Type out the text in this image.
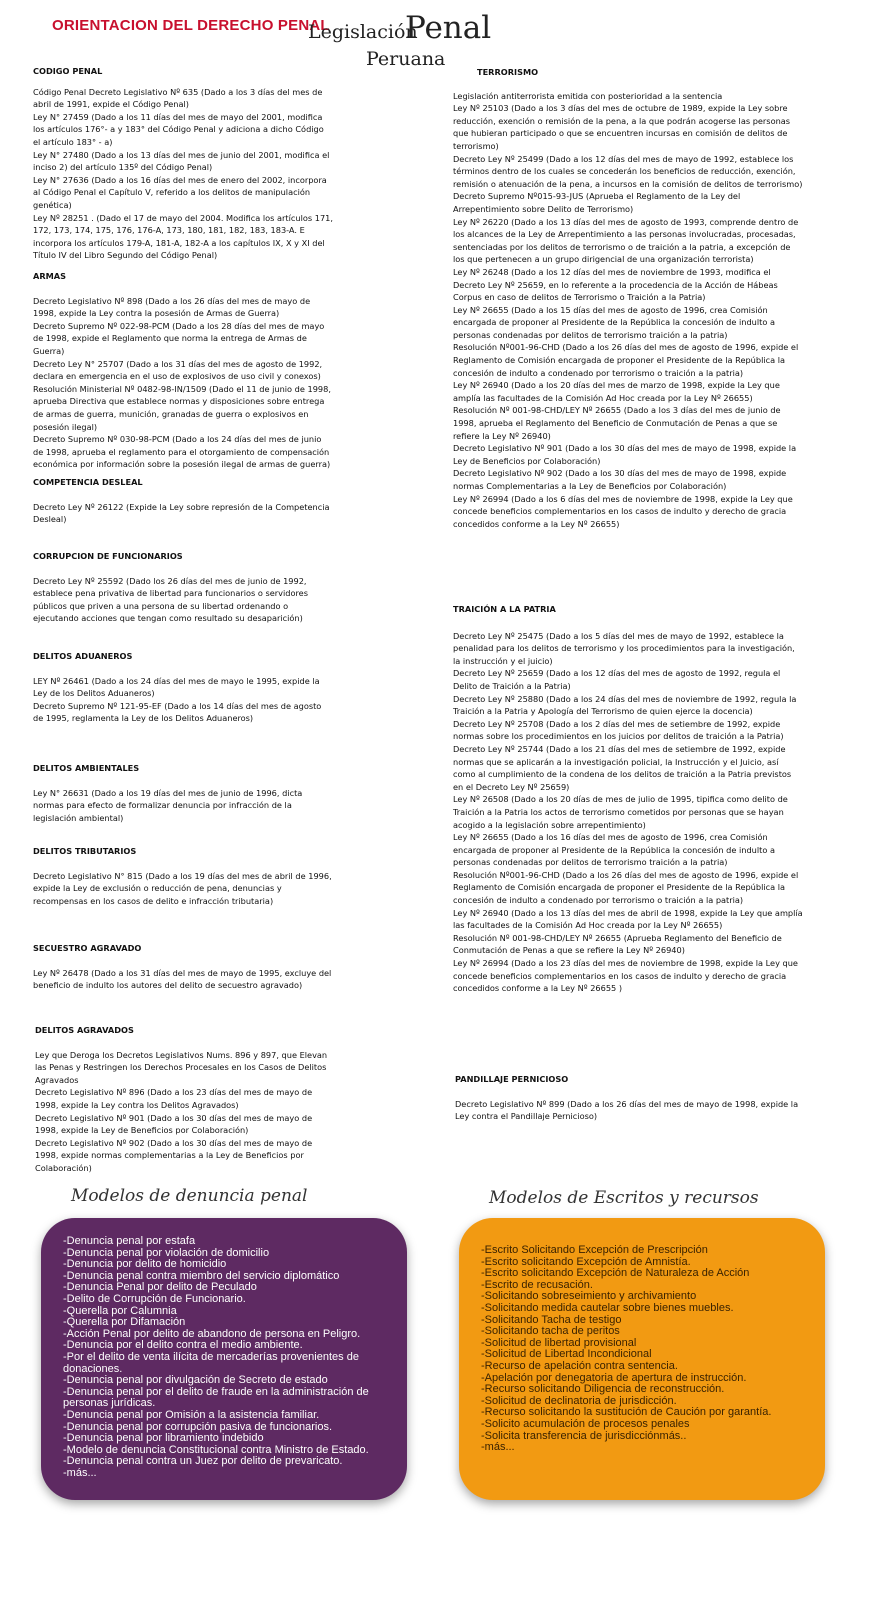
ORIENTACION DEL DERECHO PENAL
Legislación
Penal
Peruana

CODIGO PENAL

Código Penal Decreto Legislativo Nº 635 (Dado a los 3 días del mes de abril de 1991, expide el Código Penal)

Ley N° 27459 (Dado a los 11 días del mes de mayo del 2001, modifica los artículos 176°- a y 183° del Código Penal y adiciona a dicho Código el artículo 183° - a)

Ley N° 27480 (Dado a los 13 días del mes de junio del 2001, modifica el inciso 2) del artículo 135º del Código Penal)

Ley N° 27636 (Dado a los 16 días del mes de enero del 2002, incorpora al Código Penal el Capítulo V, referido a los delitos de manipulación genética)

Ley Nº 28251 . (Dado el 17 de mayo del 2004. Modifica los artículos 171, 172, 173, 174, 175, 176, 176-A, 173, 180, 181, 182, 183, 183-A. E incorpora los artículos 179-A, 181-A, 182-A a los capítulos IX, X y XI del Título IV del Libro Segundo del Código Penal)

ARMAS

Decreto Legislativo Nº 898 (Dado a los 26 días del mes de mayo de 1998, expide la Ley contra la posesión de Armas de Guerra)

Decreto Supremo Nº 022-98-PCM (Dado a los 28 días del mes de mayo de 1998, expide el Reglamento que norma la entrega de Armas de Guerra)

Decreto Ley N° 25707 (Dado a los 31 días del mes de agosto de 1992, declara en emergencia en el uso de explosivos de uso civil y conexos)

Resolución Ministerial Nº 0482-98-IN/1509 (Dado el 11 de junio de 1998, aprueba Directiva que establece normas y disposiciones sobre entrega de armas de guerra, munición, granadas de guerra o explosivos en posesión ilegal)

Decreto Supremo Nº 030-98-PCM (Dado a los 24 días del mes de junio de 1998, aprueba el reglamento para el otorgamiento de compensación económica por información sobre la posesión ilegal de armas de guerra)

COMPETENCIA DESLEAL

Decreto Ley Nº 26122 (Expide la Ley sobre represión de la Competencia Desleal)

CORRUPCION DE FUNCIONARIOS

Decreto Ley Nº 25592 (Dado los 26 días del mes de junio de 1992, establece pena privativa de libertad para funcionarios o servidores públicos que priven a una persona de su libertad ordenando o ejecutando acciones que tengan como resultado su desaparición)

DELITOS ADUANEROS

LEY Nº 26461 (Dado a los 24 días del mes de mayo le 1995, expide la Ley de los Delitos Aduaneros)

Decreto Supremo Nº 121-95-EF (Dado a los 14 días del mes de agosto de 1995, reglamenta la Ley de los Delitos Aduaneros)

DELITOS AMBIENTALES

Ley N° 26631 (Dado a los 19 días del mes de junio de 1996, dicta normas para efecto de formalizar denuncia por infracción de la legislación ambiental)

DELITOS TRIBUTARIOS

Decreto Legislativo N° 815 (Dado a los 19 días del mes de abril de 1996, expide la Ley de exclusión o reducción de pena, denuncias y recompensas en los casos de delito e infracción tributaria)

SECUESTRO AGRAVADO

Ley Nº 26478 (Dado a los 31 días del mes de mayo de 1995, excluye del beneficio de indulto los autores del delito de secuestro agravado)

DELITOS AGRAVADOS

Ley que Deroga los Decretos Legislativos Nums. 896 y 897, que Elevan las Penas y Restringen los Derechos Procesales en los Casos de Delitos Agravados

Decreto Legislativo Nº 896 (Dado a los 23 días del mes de mayo de 1998, expide la Ley contra los Delitos Agravados)

Decreto Legislativo Nº 901 (Dado a los 30 días del mes de mayo de 1998, expide la Ley de Beneficios por Colaboración)

Decreto Legislativo Nº 902 (Dado a los 30 días del mes de mayo de 1998, expide normas complementarias a la Ley de Beneficios por Colaboración)

TERRORISMO

Legislación antiterrorista emitida con posterioridad a la sentencia

Ley Nº 25103 (Dado a los 3 días del mes de octubre de 1989, expide la Ley sobre reducción, exención o remisión de la pena, a la que podrán acogerse las personas que hubieran participado o que se encuentren incursas en comisión de delitos de terrorismo)

Decreto Ley Nº 25499 (Dado a los 12 días del mes de mayo de 1992, establece los términos dentro de los cuales se concederán los beneficios de reducción, exención, remisión o atenuación de la pena, a incursos en la comisión de delitos de terrorismo)

Decreto Supremo Nº015-93-JUS (Aprueba el Reglamento de la Ley del Arrepentimiento sobre Delito de Terrorismo)

Ley Nº 26220 (Dado a los 13 días del mes de agosto de 1993, comprende dentro de los alcances de la Ley de Arrepentimiento a las personas involucradas, procesadas, sentenciadas por los delitos de terrorismo o de traición a la patria, a excepción de los que pertenecen a un grupo dirigencial de una organización terrorista)

Ley Nº 26248 (Dado a los 12 días del mes de noviembre de 1993, modifica el Decreto Ley Nº 25659, en lo referente a la procedencia de la Acción de Hábeas Corpus en caso de delitos de Terrorismo o Traición a la Patria)

Ley Nº 26655 (Dado a los 15 días del mes de agosto de 1996, crea Comisión encargada de proponer al Presidente de la República la concesión de indulto a personas condenadas por delitos de terrorismo traición a la patria)

Resolución Nº001-96-CHD (Dado a los 26 días del mes de agosto de 1996, expide el Reglamento de Comisión encargada de proponer el Presidente de la República la concesión de indulto a condenado por terrorismo o traición a la patria)

Ley Nº 26940 (Dado a los 20 días del mes de marzo de 1998, expide la Ley que amplía las facultades de la Comisión Ad Hoc creada por la Ley Nº 26655)

Resolución Nº 001-98-CHD/LEY Nº 26655 (Dado a los 3 días del mes de junio de 1998, aprueba el Reglamento del Beneficio de Conmutación de Penas a que se refiere la Ley Nº 26940)

Decreto Legislativo Nº 901 (Dado a los 30 días del mes de mayo de 1998, expide la Ley de Beneficios por Colaboración)

Decreto Legislativo Nº 902 (Dado a los 30 días del mes de mayo de 1998, expide normas Complementarias a la Ley de Beneficios por Colaboración)

Ley Nº 26994 (Dado a los 6 días del mes de noviembre de 1998, expide la Ley que concede beneficios complementarios en los casos de indulto y derecho de gracia concedidos conforme a la Ley Nº 26655)

TRAICIÓN A LA PATRIA

Decreto Ley Nº 25475 (Dado a los 5 días del mes de mayo de 1992, establece la penalidad para los delitos de terrorismo y los procedimientos para la investigación, la instrucción y el juicio)

Decreto Ley Nº 25659 (Dado a los 12 días del mes de agosto de 1992, regula el Delito de Traición a la Patria)

Decreto Ley Nº 25880 (Dado a los 24 días del mes de noviembre de 1992, regula la Traición a la Patria y Apología del Terrorismo de quien ejerce la docencia)

Decreto Ley Nº 25708 (Dado a los 2 días del mes de setiembre de 1992, expide normas sobre los procedimientos en los juicios por delitos de traición a la Patria)

Decreto Ley Nº 25744 (Dado a los 21 días del mes de setiembre de 1992, expide normas que se aplicarán a la investigación policial, la Instrucción y el Juicio, así como al cumplimiento de la condena de los delitos de traición a la Patria previstos en el Decreto Ley Nº 25659)

Ley Nº 26508 (Dado a los 20 días de mes de julio de 1995, tipifica como delito de Traición a la Patria los actos de terrorismo cometidos por personas que se hayan acogido a la legislación sobre arrepentimiento)

Ley Nº 26655 (Dado a los 16 días del mes de agosto de 1996, crea Comisión encargada de proponer al Presidente de la República la concesión de indulto a personas condenadas por delitos de terrorismo traición a la patria)

Resolución Nº001-96-CHD (Dado a los 26 días del mes de agosto de 1996, expide el Reglamento de Comisión encargada de proponer el Presidente de la República la concesión de indulto a condenado por terrorismo o traición a la patria)

Ley Nº 26940 (Dado a los 13 días del mes de abril de 1998, expide la Ley que amplía las facultades de la Comisión Ad Hoc creada por la Ley Nº 26655)

Resolución Nº 001-98-CHD/LEY Nº 26655 (Aprueba Reglamento del Beneficio de Conmutación de Penas a que se refiere la Ley Nº 26940)

Ley Nº 26994 (Dado a los 23 días del mes de noviembre de 1998, expide la Ley que concede beneficios complementarios en los casos de indulto y derecho de gracia concedidos conforme a la Ley Nº 26655 )

PANDILLAJE PERNICIOSO

Decreto Legislativo Nº 899 (Dado a los 26 días del mes de mayo de 1998, expide la Ley contra el Pandillaje Pernicioso)

Modelos de denuncia penal
-Denuncia penal por estafa
-Denuncia penal por violación de domicilio
-Denuncia por delito de homicidio
-Denuncia penal contra miembro del servicio diplomático
-Denuncia Penal por delito de Peculado
-Delito de Corrupción de Funcionario.
-Querella por Calumnia
-Querella por Difamación
-Acción Penal por delito de abandono de persona en Peligro.
-Denuncia por el delito contra el medio ambiente.
-Por el delito de venta ilícita de mercaderías provenientes de donaciones.
-Denuncia penal por divulgación de Secreto de estado
-Denuncia penal por el delito de fraude en la administración de personas jurídicas.
-Denuncia penal por Omisión a la asistencia familiar.
-Denuncia penal por corrupción pasiva de funcionarios.
-Denuncia penal por libramiento indebido
-Modelo de denuncia Constitucional contra Ministro de Estado.
-Denuncia penal contra un Juez por delito de prevaricato.
-más...
Modelos de Escritos y recursos
-Escrito Solicitando Excepción de Prescripción
-Escrito solicitando Excepción de Amnistía.
-Escrito solicitando Excepción de Naturaleza de Acción
-Escrito de recusación.
-Solicitando sobreseimiento y archivamiento
-Solicitando medida cautelar sobre bienes muebles.
-Solicitando Tacha de testigo
-Solicitando tacha de peritos
-Solicitud de libertad provisional
-Solicitud de Libertad Incondicional
-Recurso de apelación contra sentencia.
-Apelación por denegatoria de apertura de instrucción.
-Recurso solicitando Diligencia de reconstrucción.
-Solicitud de declinatoria de jurisdicción.
-Recurso solicitando la sustitución de Caución por garantía.
-Solicito acumulación de procesos penales
-Solicita transferencia de jurisdicciónmás..
-más...
